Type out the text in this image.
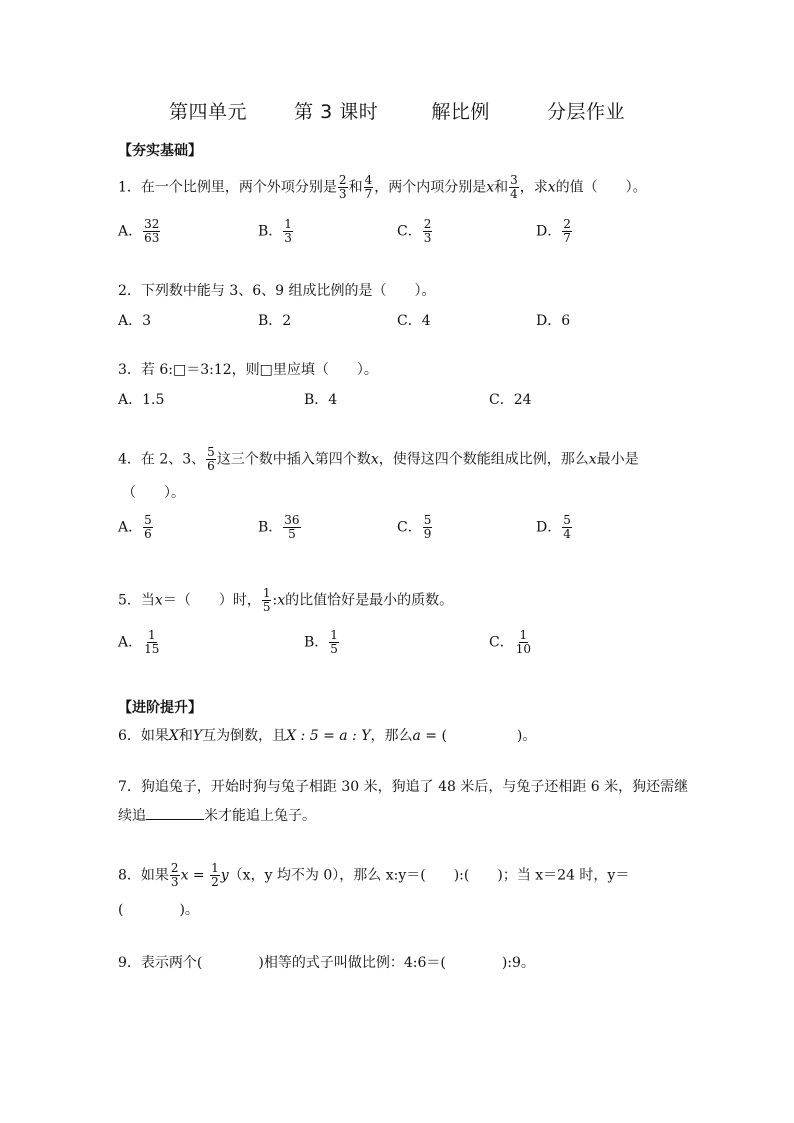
第四单元 第 3 课时	解比例	分层作业
【夯实基础】
1．在一个比例里，两个外项分别是 $\frac{2}{3}$ 和 $\frac{4}{7}$ ，两个内项分别是x和 $\frac{3}{4}$ ，求x的值（　　）。
A． $\frac{32}{63}$	B． $\frac{1}{3}$	C． $\frac{2}{3}$	D． $\frac{2}{7}$
2．下列数中能与 3、6、9 组成比例的是（　　）。
A．3	B．2	C．4	D．6
3．若 6:□＝3:12，则□里应填（　　）。
A．1.5	B．4	C．24
4．在 2、3、 $\frac{5}{6}$ 这三个数中插入第四个数x，使得这四个数能组成比例，那么x最小是
（　　）。
A． $\frac{5}{6}$	B． $\frac{36}{5}$	C． $\frac{5}{9}$	D． $\frac{5}{4}$
5．当x＝（　　）时， $\frac{1}{5}$ :x的比值恰好是最小的质数。
A． $\frac{1}{15}$	B． $\frac{1}{5}$	C． $\frac{1}{10}$
【进阶提升】
6．如果X和Y互为倒数，且X : 5 = a : Y，那么a = (　　　　　)。
7．狗追兔子，开始时狗与兔子相距 30 米，狗追了 48 米后，与兔子还相距 6 米，狗还需继
续追	米才能追上兔子。
8．如果 $\frac{2}{3}$ $x = \frac{1}{2} y(x$，y 均不为 0），那么 x:y＝(　　):(　　)；当 x＝24 时，y＝
(　　　　)。
9．表示两个(　　　　)相等的式子叫做比例：4:6＝(　　　　):9。
